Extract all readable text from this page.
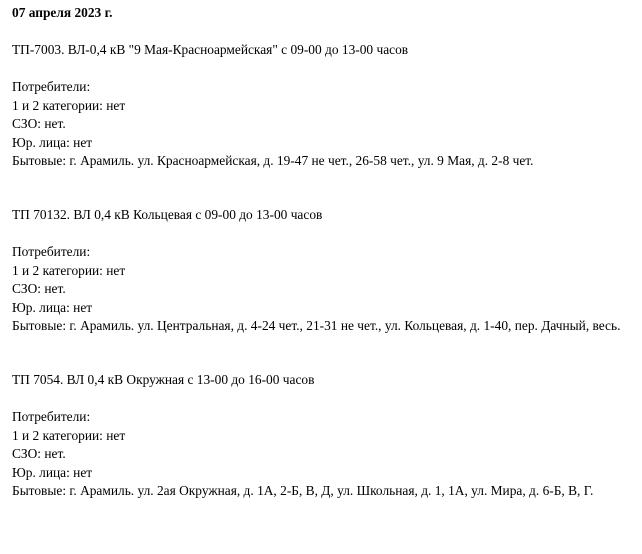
07 апреля 2023 г.

ТП-7003. ВЛ-0,4 кВ "9 Мая-Красноармейская" с 09-00 до 13-00 часов

Потребители:

1 и 2 категории: нет

СЗО: нет.

Юр. лица: нет

Бытовые: г. Арамиль. ул. Красноармейская, д. 19-47 не чет., 26-58 чет., ул. 9 Мая, д. 2-8 чет.

ТП 70132. ВЛ 0,4 кВ Кольцевая с 09-00 до 13-00 часов

Потребители:

1 и 2 категории: нет

СЗО: нет.

Юр. лица: нет

Бытовые: г. Арамиль. ул. Центральная, д. 4-24 чет., 21-31 не чет., ул. Кольцевая, д. 1-40, пер. Дачный, весь.

ТП 7054. ВЛ 0,4 кВ Окружная с 13-00 до 16-00 часов

Потребители:

1 и 2 категории: нет

СЗО: нет.

Юр. лица: нет

Бытовые: г. Арамиль. ул. 2ая Окружная, д. 1А, 2-Б, В, Д, ул. Школьная, д. 1, 1А, ул. Мира, д. 6-Б, В, Г.
